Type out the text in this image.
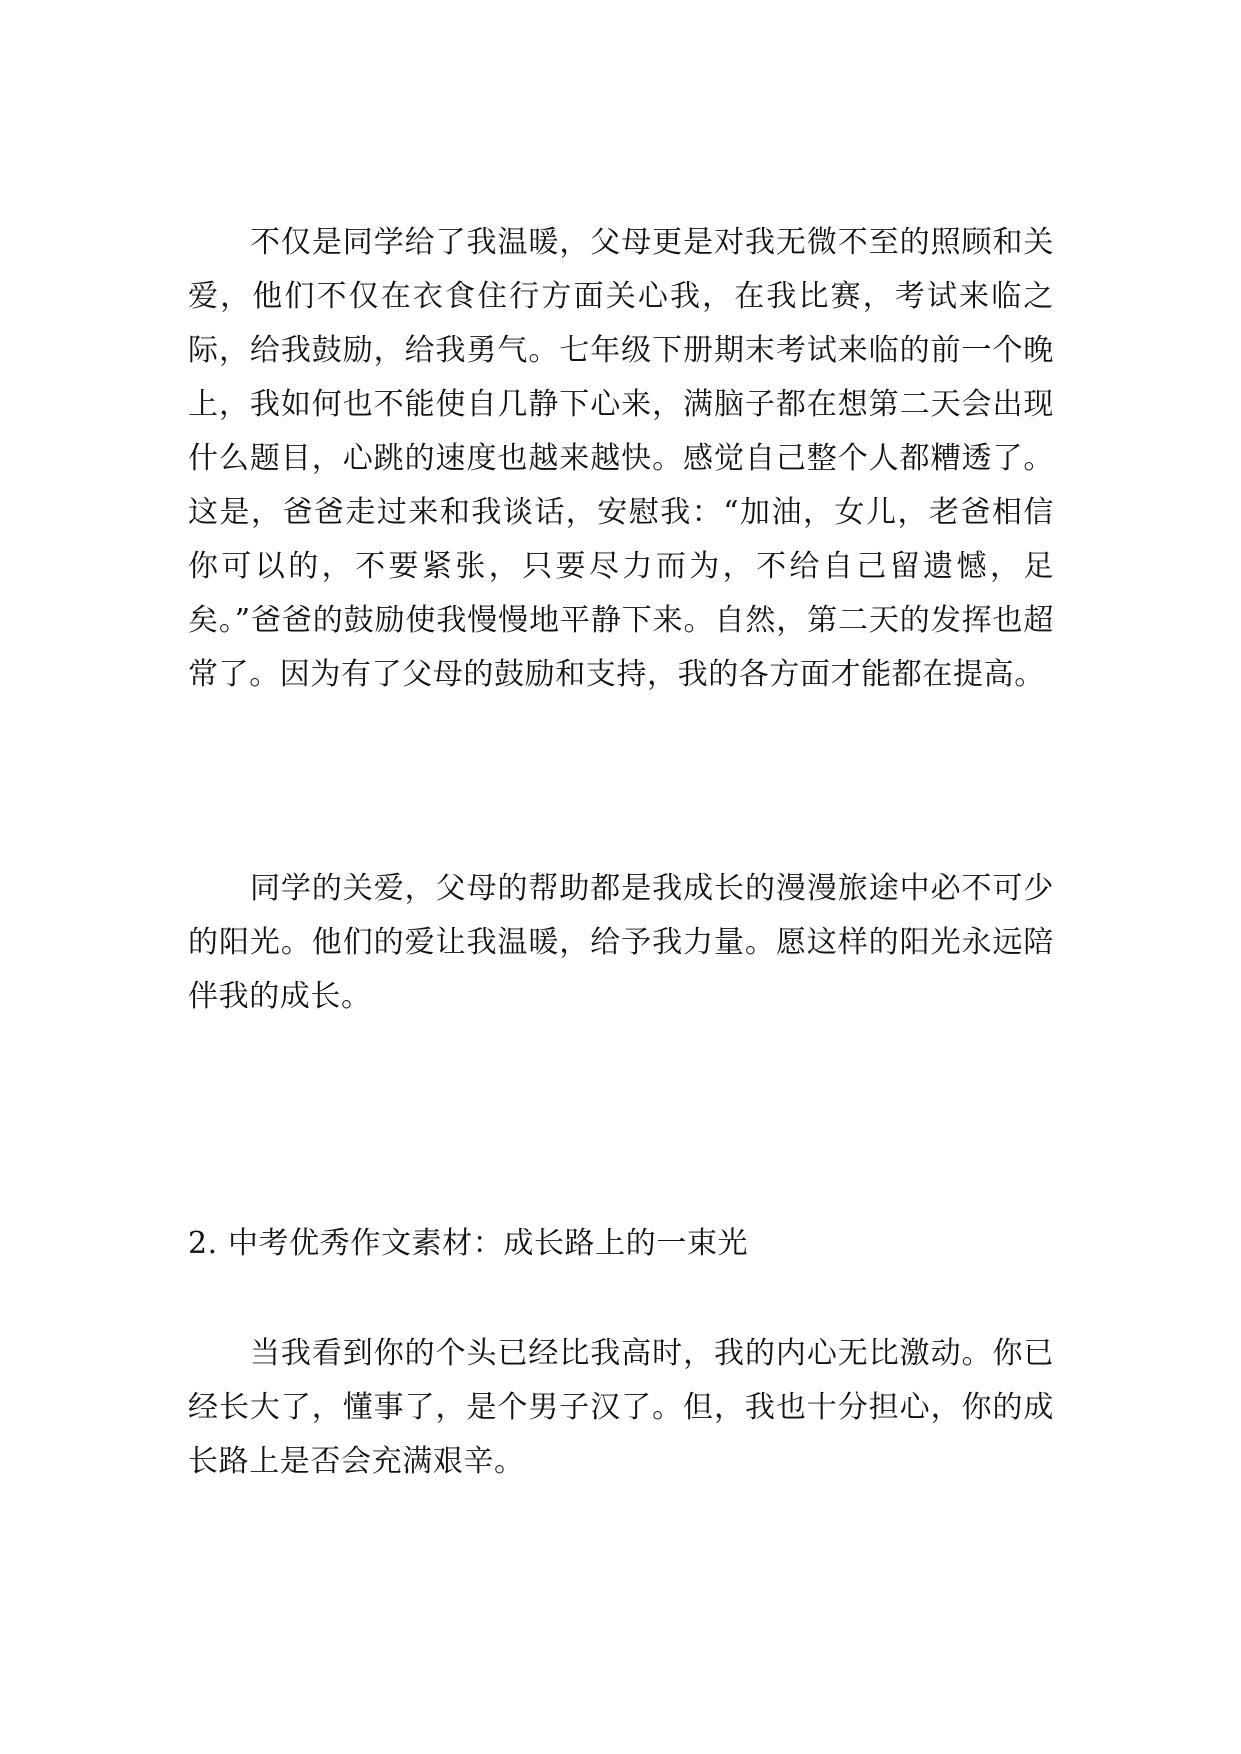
不仅是同学给了我温暖，父母更是对我无微不至的照顾和关爱，他们不仅在衣食住行方面关心我，在我比赛，考试来临之际，给我鼓励，给我勇气。七年级下册期末考试来临的前一个晚上，我如何也不能使自几静下心来，满脑子都在想第二天会出现什么题目，心跳的速度也越来越快。感觉自己整个人都糟透了。这是，爸爸走过来和我谈话，安慰我：“加油，女儿，老爸相信你可以的，不要紧张，只要尽力而为，不给自己留遗憾，足矣。”爸爸的鼓励使我慢慢地平静下来。自然，第二天的发挥也超常了。因为有了父母的鼓励和支持，我的各方面才能都在提高。

同学的关爱，父母的帮助都是我成长的漫漫旅途中必不可少的阳光。他们的爱让我温暖，给予我力量。愿这样的阳光永远陪伴我的成长。

2. 中考优秀作文素材：成长路上的一束光

当我看到你的个头已经比我高时，我的内心无比激动。你已经长大了，懂事了，是个男子汉了。但，我也十分担心，你的成长路上是否会充满艰辛。
